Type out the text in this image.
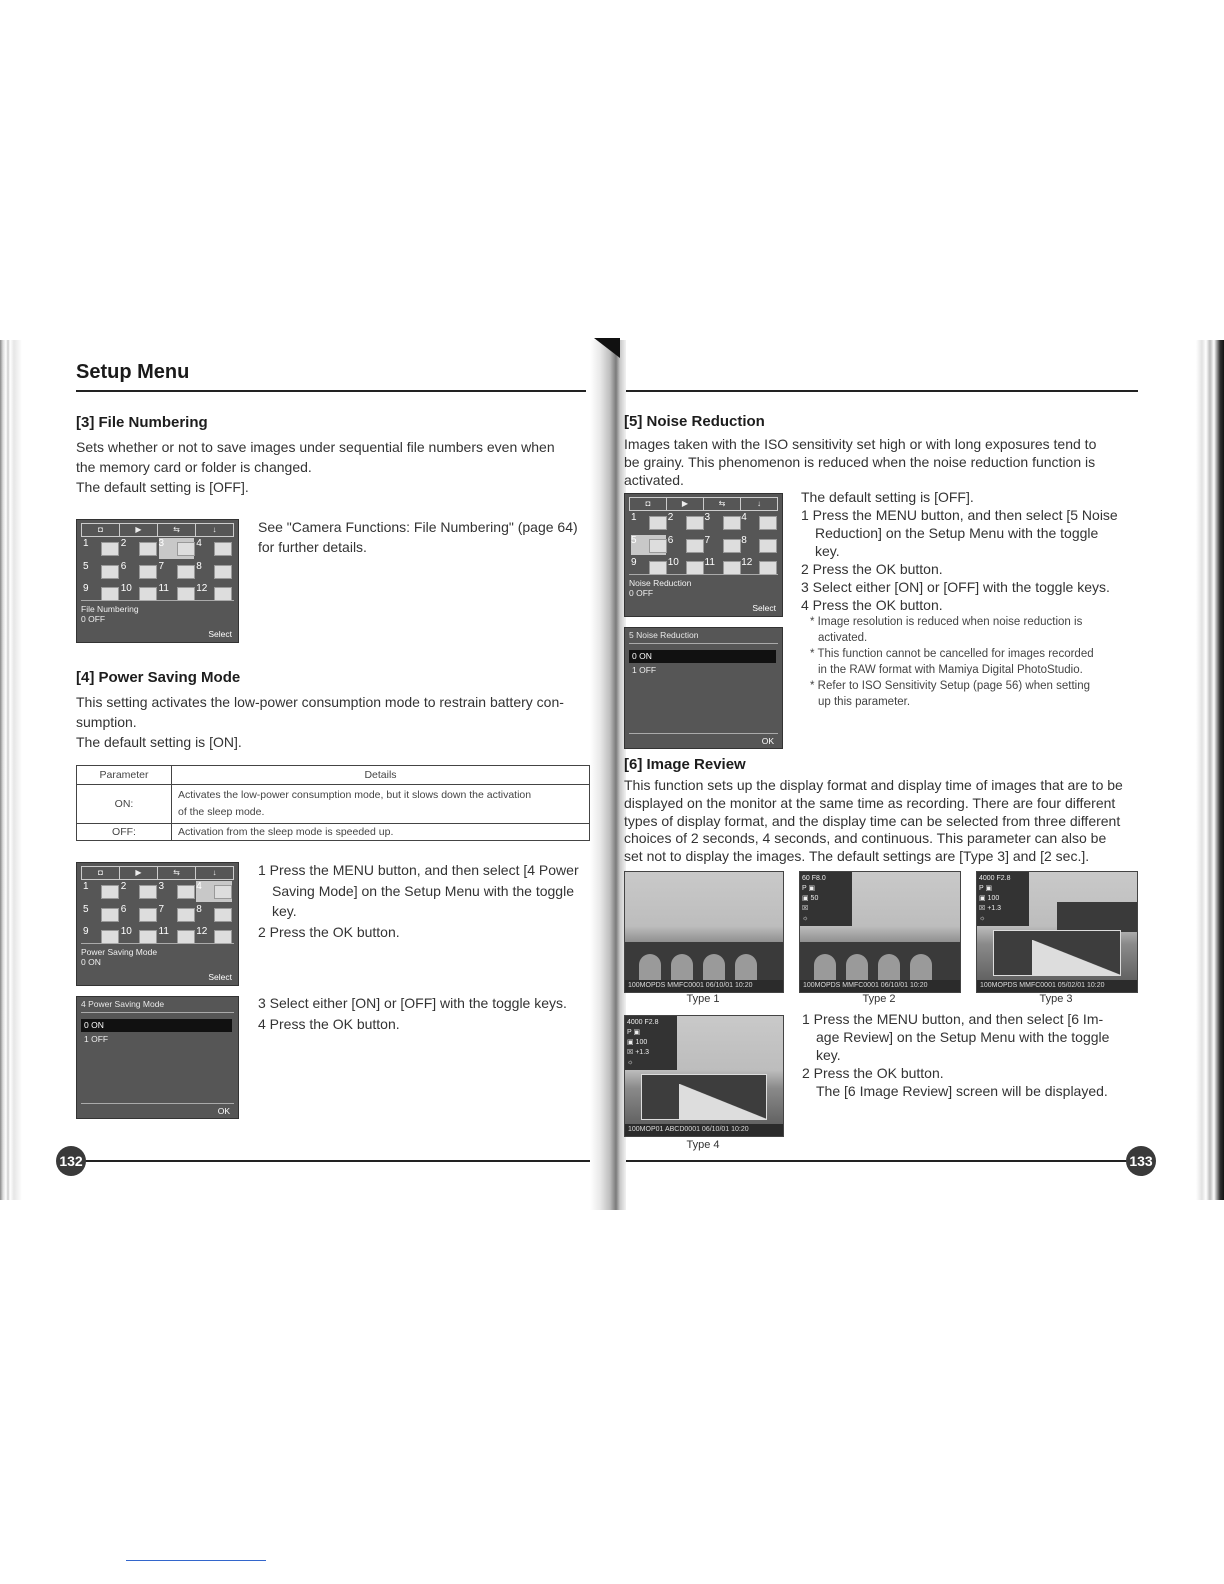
Setup Menu
[3] File Numbering
Sets whether or not to save images under sequential file numbers even when
the memory card or folder is changed.
The default setting is [OFF].
◘	▶	⇆	↓
1	2	3	4
5	6	7	8
9	10	11	12
File Numbering
0 OFF
Select
See "Camera Functions: File Numbering" (page 64)
for further details.
[4] Power Saving Mode
This setting activates the low-power consumption mode to restrain battery con-
sumption.
The default setting is [ON].
Parameter	Details
ON:	Activates the low-power consumption mode, but it slows down the activation
of the sleep mode.

OFF:	Activation from the sleep mode is speeded up.
◘	▶	⇆	↓
1	2	3	4
5	6	7	8
9	10	11	12
Power Saving Mode
0 ON
Select
1 Press the MENU button, and then select [4 Power
Saving Mode] on the Setup Menu with the toggle
key.
2 Press the OK button.
4 Power Saving Mode
0 ON
1 OFF
OK
3 Select either [ON] or [OFF] with the toggle keys.
4 Press the OK button.
132
[5] Noise Reduction
Images taken with the ISO sensitivity set high or with long exposures tend to
be grainy. This phenomenon is reduced when the noise reduction function is
activated.
◘	▶	⇆	↓
1	2	3	4
5	6	7	8
9	10	11	12
Noise Reduction
0 OFF
Select
5 Noise Reduction
0 ON
1 OFF
OK
The default setting is [OFF].
1 Press the MENU button, and then select [5 Noise
Reduction] on the Setup Menu with the toggle
key.
2 Press the OK button.
3 Select either [ON] or [OFF] with the toggle keys.
4 Press the OK button.
* Image resolution is reduced when noise reduction is
activated.
* This function cannot be cancelled for images recorded
in the RAW format with Mamiya Digital PhotoStudio.
* Refer to ISO Sensitivity Setup (page 56) when setting
up this parameter.
[6] Image Review
This function sets up the display format and display time of images that are to be
displayed on the monitor at the same time as recording. There are four different
types of display format, and the display time can be selected from three different
choices of 2 seconds, 4 seconds, and continuous. This parameter can also be
set not to display the images. The default settings are [Type 3] and [2 sec.].
100MOPDS MMFC0001 06/10/01 10:20
Type 1
60 F8.0
P ▣
▣ 50
☒
☼
100MOPDS MMFC0001 06/10/01 10:20
Type 2
4000 F2.8
P ▣
▣ 100
☒ +1.3
☼
100MOPDS MMFC0001 05/02/01 10:20
Type 3
4000 F2.8
P ▣
▣ 100
☒ +1.3
☼
100MOP01 ABCD0001 06/10/01 10:20
Type 4
1 Press the MENU button, and then select [6 Im-
age Review] on the Setup Menu with the toggle
key.
2 Press the OK button.
The [6 Image Review] screen will be displayed.
133
